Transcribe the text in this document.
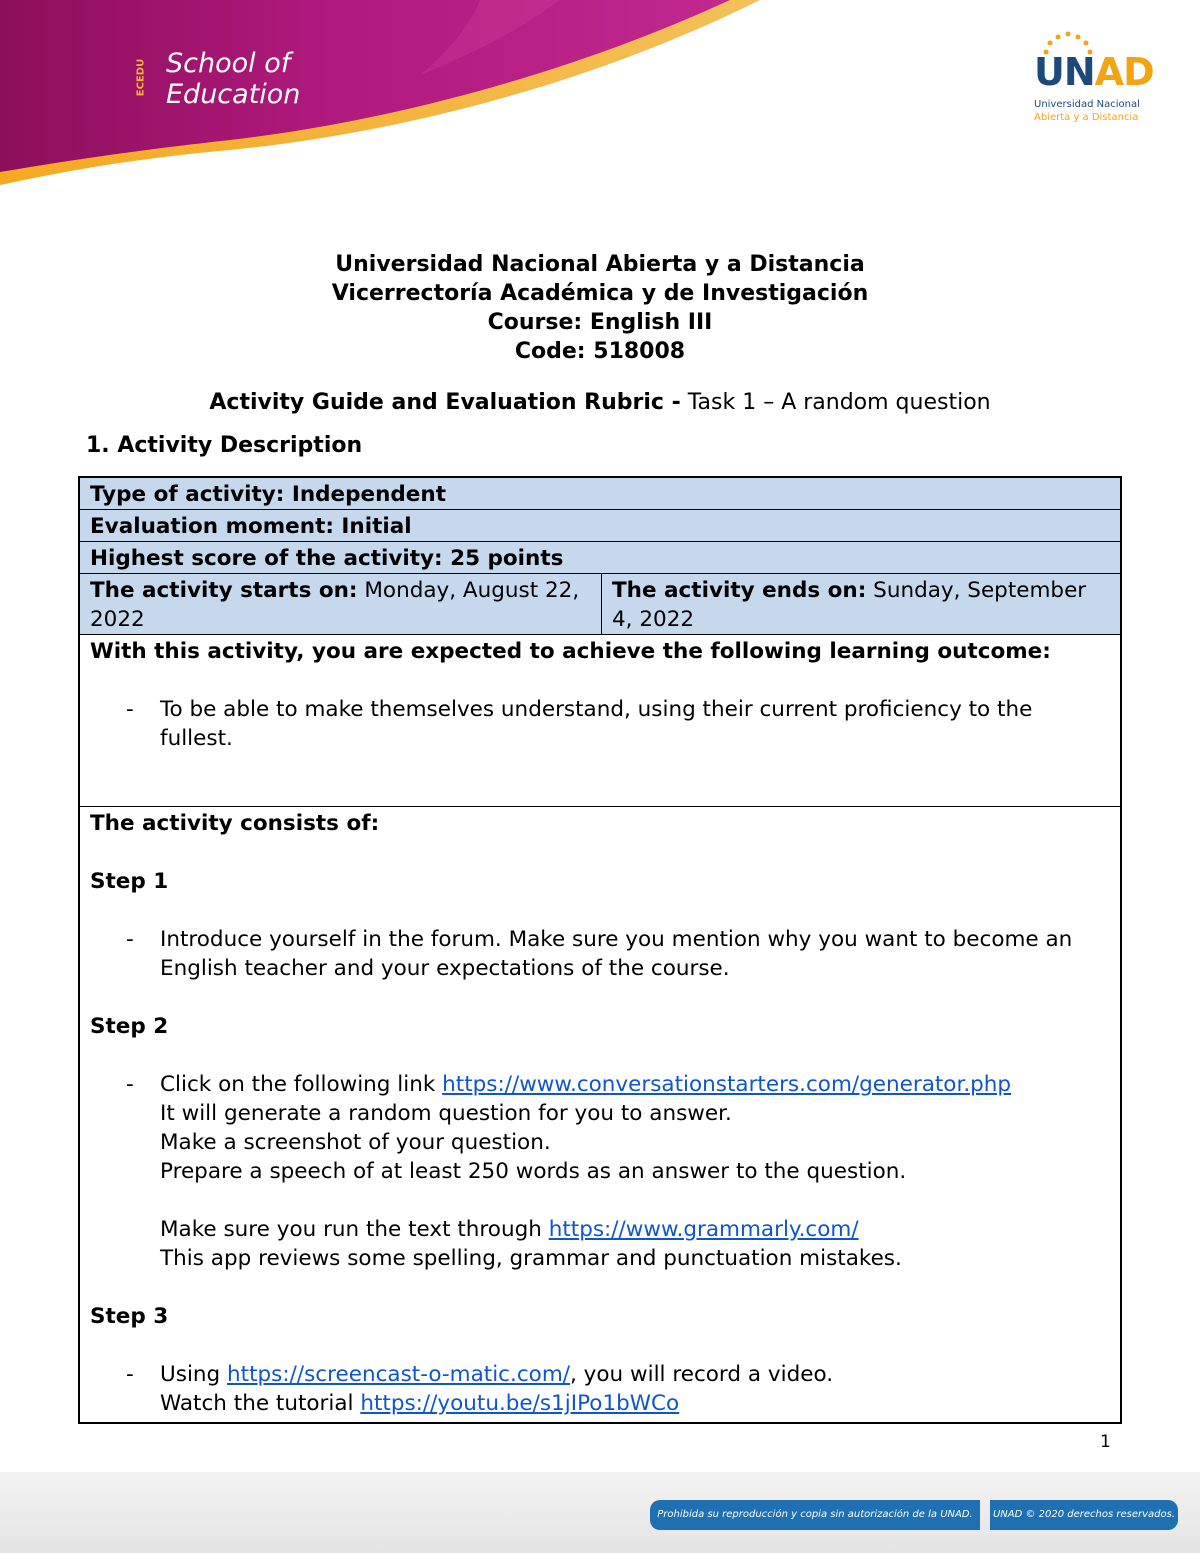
ECEDU School of
Education
UNAD
Universidad Nacional
Abierta y a Distancia
Universidad Nacional Abierta y a Distancia
Vicerrectoría Académica y de Investigación
Course: English III
Code: 518008
Activity Guide and Evaluation Rubric - Task 1 – A random question
1. Activity Description
Type of activity: Independent
Evaluation moment: Initial
Highest score of the activity: 25 points
The activity starts on: Monday, August 22, 2022
The activity ends on: Sunday, September 4, 2022
With this activity, you are expected to achieve the following learning outcome:
- To be able to make themselves understand, using their current proficiency to the fullest.
The activity consists of:
Step 1
- Introduce yourself in the forum. Make sure you mention why you want to become an English teacher and your expectations of the course.
Step 2
- Click on the following link https://www.conversationstarters.com/generator.php
It will generate a random question for you to answer.
Make a screenshot of your question.
Prepare a speech of at least 250 words as an answer to the question.
Make sure you run the text through https://www.grammarly.com/
This app reviews some spelling, grammar and punctuation mistakes.
Step 3
- Using https://screencast-o-matic.com/, you will record a video.
Watch the tutorial https://youtu.be/s1jIPo1bWCo
1
Prohibida su reproducción y copia sin autorización de la UNAD.	UNAD © 2020 derechos reservados.
